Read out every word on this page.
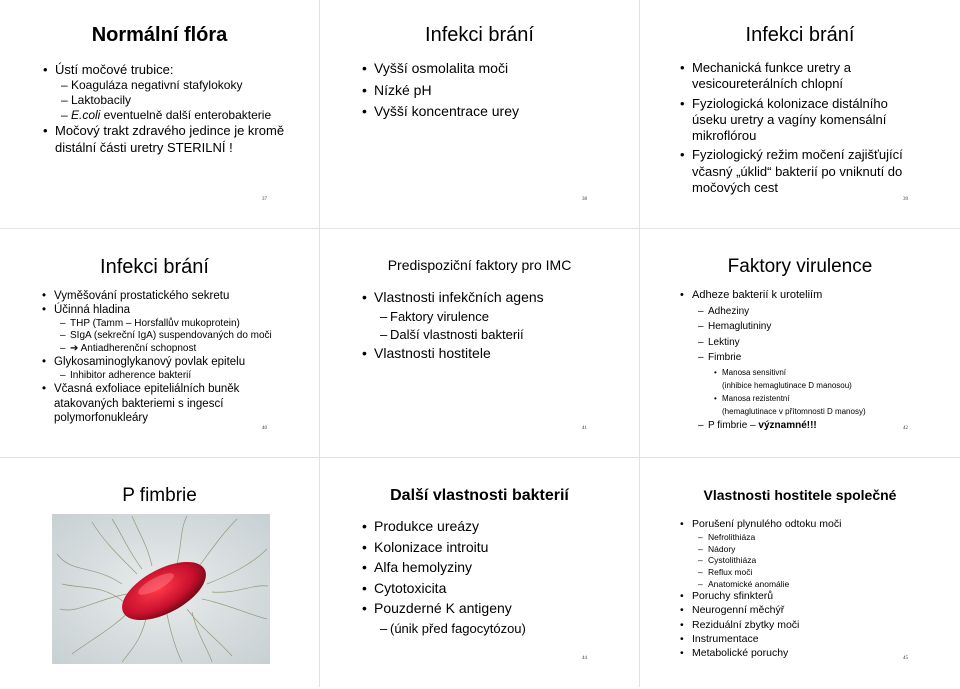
Normální flóra
• Ústí močové trubice:
– Koaguláza negativní stafylokoky
– Laktobacily
– E.coli eventuelně další enterobakterie
• Močový trakt zdravého jedince je kromě distální části uretry STERILNÍ !
37
Infekci brání
• Vyšší osmolalita moči
• Nízké pH
• Vyšší koncentrace urey
38
Infekci brání
• Mechanická funkce uretry a vesicoureterálních chlopní
• Fyziologická kolonizace distálního úseku uretry a vagíny komensální mikroflórou
• Fyziologický režim močení zajišťující včasný „úklid“ bakterií po vniknutí do močových cest
39
Infekci brání
• Vyměšování prostatického sekretu
• Účinná hladina
– THP (Tamm – Horsfallův mukoprotein)
– SIgA (sekreční IgA) suspendovaných do moči
– ➔ Antiadherenční schopnost
• Glykosaminoglykanový povlak epitelu
– Inhibitor adherence bakterií
• Včasná exfoliace epiteliálních buněk atakovaných bakteriemi s ingescí polymorfonukleáry
40
Predispoziční faktory pro IMC
• Vlastnosti infekčních agens
– Faktory virulence
– Další vlastnosti bakterií
• Vlastnosti hostitele
41
Faktory virulence
• Adheze bakterií k uroteliím
– Adheziny
– Hemaglutininy
– Lektiny
– Fimbrie
• Manosa sensitivní
(inhibice hemaglutinace D manosou)
• Manosa rezistentní
(hemaglutinace v přítomnosti D manosy)
– P fimbrie – významné!!!	42
P fimbrie	Další vlastnosti bakterií
• Produkce ureázy
• Kolonizace introitu
• Alfa hemolyziny
• Cytotoxicita
• Pouzderné K antigeny
– (únik před fagocytózou)
44
Vlastnosti hostitele společné
• Porušení plynulého odtoku moči
– Nefrolithiáza
– Nádory
– Cystolithiáza
– Reflux moči
– Anatomické anomálie
• Poruchy sfinkterů
• Neurogenní měchýř
• Reziduální zbytky moči
• Instrumentace
• Metabolické poruchy	45
